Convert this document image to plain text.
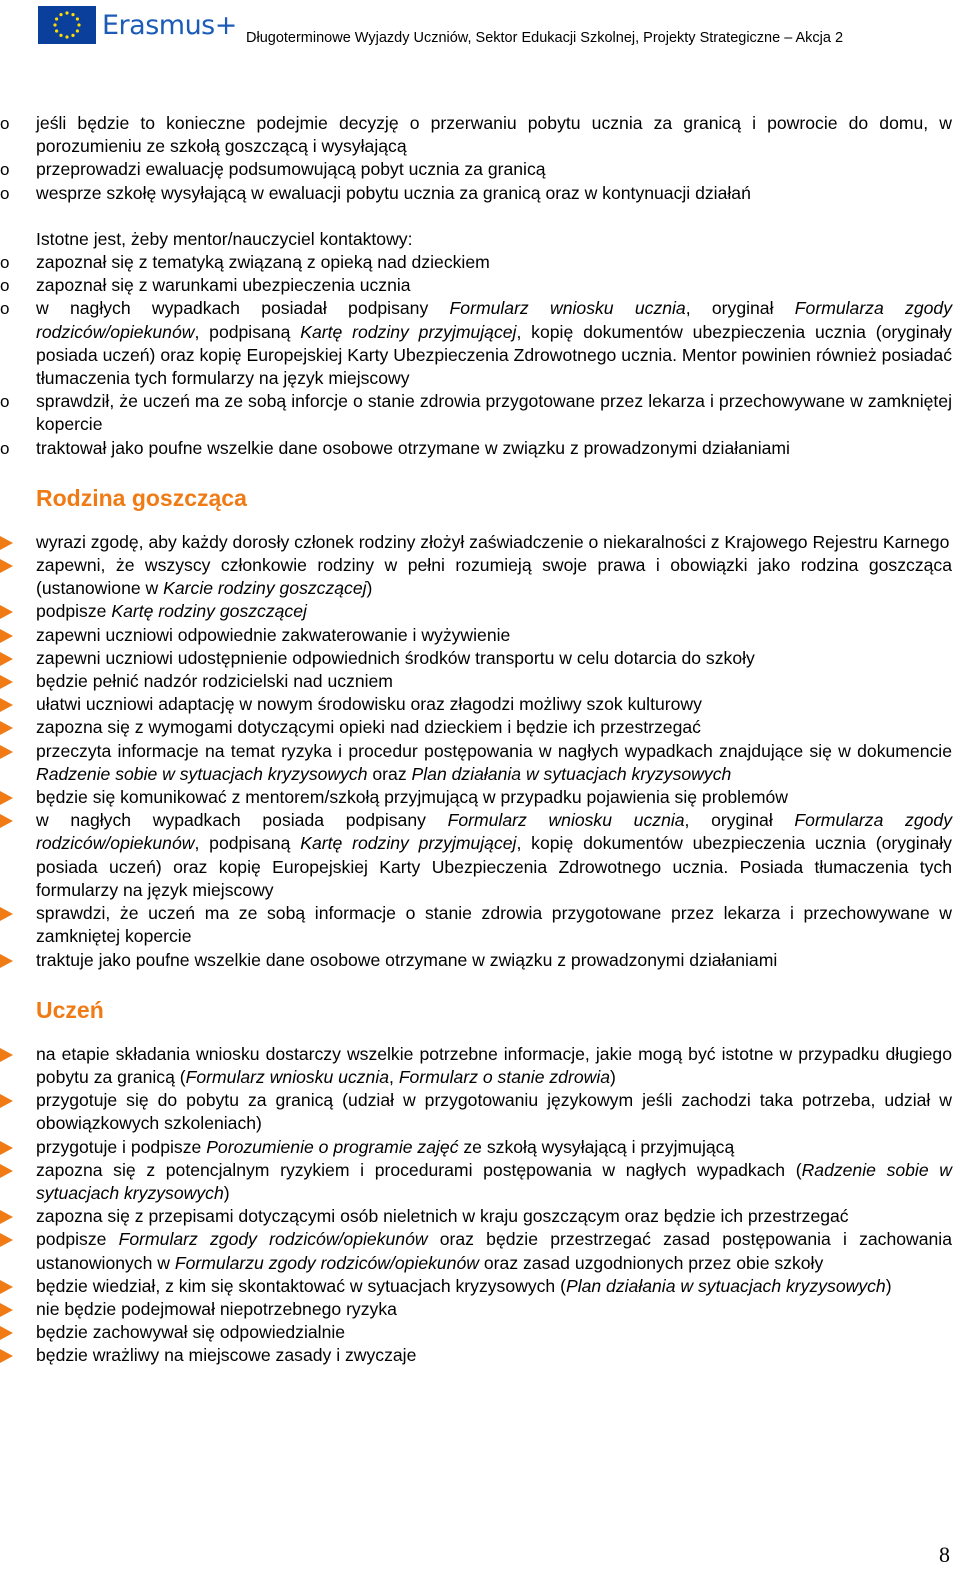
Erasmus+ Długoterminowe Wyjazdy Uczniów, Sektor Edukacji Szkolnej, Projekty Strategiczne – Akcja 2
o jeśli będzie to konieczne podejmie decyzję o przerwaniu pobytu ucznia za granicą i powrocie do domu, w porozumieniu ze szkołą goszczącą i wysyłającą
o przeprowadzi ewaluację podsumowującą pobyt ucznia za granicą
o wesprze szkołę wysyłającą w ewaluacji pobytu ucznia za granicą oraz w kontynuacji działań
Istotne jest, żeby mentor/nauczyciel kontaktowy:
o zapoznał się z tematyką związaną z opieką nad dzieckiem
o zapoznał się z warunkami ubezpieczenia ucznia
o w nagłych wypadkach posiadał podpisany Formularz wniosku ucznia, oryginał Formularza zgody rodziców/opiekunów, podpisaną Kartę rodziny przyjmującej, kopię dokumentów ubezpieczenia ucznia (oryginały posiada uczeń) oraz kopię Europejskiej Karty Ubezpieczenia Zdrowotnego ucznia. Mentor powinien również posiadać tłumaczenia tych formularzy na język miejscowy
o sprawdził, że uczeń ma ze sobą inforcje o stanie zdrowia przygotowane przez lekarza i przechowywane w zamkniętej kopercie
o traktował jako poufne wszelkie dane osobowe otrzymane w związku z prowadzonymi działaniami
Rodzina goszcząca
wyrazi zgodę, aby każdy dorosły członek rodziny złożył zaświadczenie o niekaralności z Krajowego Rejestru Karnego
zapewni, że wszyscy członkowie rodziny w pełni rozumieją swoje prawa i obowiązki jako rodzina goszcząca (ustanowione w Karcie rodziny goszczącej)
podpisze Kartę rodziny goszczącej
zapewni uczniowi odpowiednie zakwaterowanie i wyżywienie
zapewni uczniowi udostępnienie odpowiednich środków transportu w celu dotarcia do szkoły
będzie pełnić nadzór rodzicielski nad uczniem
ułatwi uczniowi adaptację w nowym środowisku oraz złagodzi możliwy szok kulturowy
zapozna się z wymogami dotyczącymi opieki nad dzieckiem i będzie ich przestrzegać
przeczyta informacje na temat ryzyka i procedur postępowania w nagłych wypadkach znajdujące się w dokumencie Radzenie sobie w sytuacjach kryzysowych oraz Plan działania w sytuacjach kryzysowych
będzie się komunikować z mentorem/szkołą przyjmującą w przypadku pojawienia się problemów
w nagłych wypadkach posiada podpisany Formularz wniosku ucznia, oryginał Formularza zgody rodziców/opiekunów, podpisaną Kartę rodziny przyjmującej, kopię dokumentów ubezpieczenia ucznia (oryginały posiada uczeń) oraz kopię Europejskiej Karty Ubezpieczenia Zdrowotnego ucznia. Posiada tłumaczenia tych formularzy na język miejscowy
sprawdzi, że uczeń ma ze sobą informacje o stanie zdrowia przygotowane przez lekarza i przechowywane w zamkniętej kopercie
traktuje jako poufne wszelkie dane osobowe otrzymane w związku z prowadzonymi działaniami
Uczeń
na etapie składania wniosku dostarczy wszelkie potrzebne informacje, jakie mogą być istotne w przypadku długiego pobytu za granicą (Formularz wniosku ucznia, Formularz o stanie zdrowia)
przygotuje się do pobytu za granicą (udział w przygotowaniu językowym jeśli zachodzi taka potrzeba, udział w obowiązkowych szkoleniach)
przygotuje i podpisze Porozumienie o programie zajęć ze szkołą wysyłającą i przyjmującą
zapozna się z potencjalnym ryzykiem i procedurami postępowania w nagłych wypadkach (Radzenie sobie w sytuacjach kryzysowych)
zapozna się z przepisami dotyczącymi osób nieletnich w kraju goszczącym oraz będzie ich przestrzegać
podpisze Formularz zgody rodziców/opiekunów oraz będzie przestrzegać zasad postępowania i zachowania ustanowionych w Formularzu zgody rodziców/opiekunów oraz zasad uzgodnionych przez obie szkoły
będzie wiedział, z kim się skontaktować w sytuacjach kryzysowych (Plan działania w sytuacjach kryzysowych)
nie będzie podejmował niepotrzebnego ryzyka
będzie zachowywał się odpowiedzialnie
będzie wrażliwy na miejscowe zasady i zwyczaje
8
